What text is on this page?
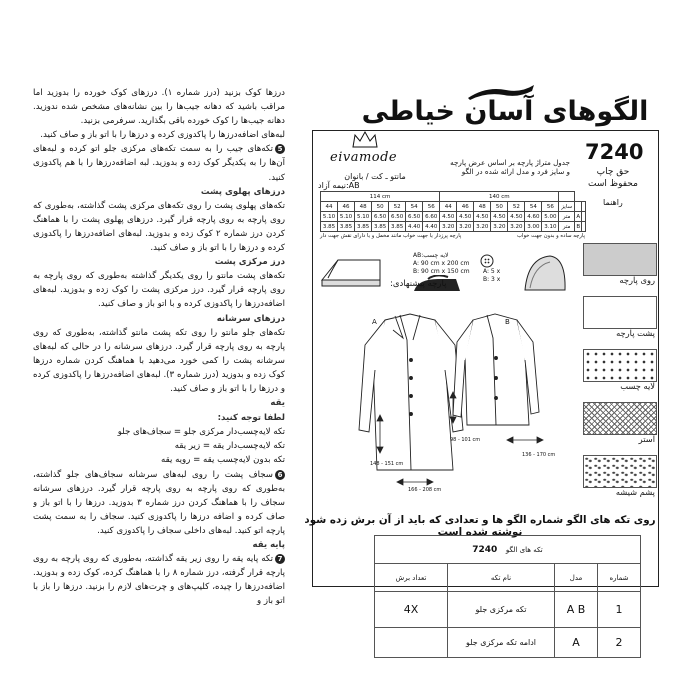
درزها کوک بزنید (درز شماره ۱). درزهای کوک خورده را بدوزید اما مراقب باشید که دهانه جیب‌ها را بین نشانه‌های مشخص شده ندوزید. دهانه جیب‌ها را کوک خورده باقی بگذارید. سرفرمی بزنید.

لبه‌های اضافه‌درزها را پاکدوزی کرده و درزها را با اتو باز و صاف کنید.

5تکه‌های جیب را به سمت تکه‌های مرکزی جلو اتو کرده و لبه‌های آن‌ها را به یکدیگر کوک زده و بدوزید. لبه اضافه‌درزها را با هم پاکدوزی کنید.

درزهای پهلوی پشت

تکه‌های پهلوی پشت را روی تکه‌های مرکزی پشت گذاشته، به‌طوری که روی پارچه به روی پارچه قرار گیرد. درزهای پهلوی پشت را با هماهنگ کردن درز شماره ۲ کوک زده و بدوزید. لبه‌های اضافه‌درزها را پاکدوزی کرده و درزها را با اتو باز و صاف کنید.

درز مرکزی پشت

تکه‌های پشت مانتو را روی یکدیگر گذاشته به‌طوری که روی پارچه به روی پارچه قرار گیرد. درز مرکزی پشت را کوک زده و بدوزید. لبه‌های اضافه‌درزها را پاکدوزی کرده و با اتو باز و صاف کنید.

درزهای سرشانه

تکه‌های جلو مانتو را روی تکه پشت مانتو گذاشته، به‌طوری که روی پارچه به روی پارچه قرار گیرد. درزهای سرشانه را در حالی که لبه‌های سرشانه پشت را کمی خورد می‌دهید با هماهنگ کردن شماره درزها کوک زده و بدوزید (درز شماره ۳). لبه‌های اضافه‌درزها را پاکدوزی کرده و درزها را با اتو باز و صاف کنید.

یقه

لطفا توجه کنید:

تکه لایه‌چسب‌دار مرکزی جلو = سجاف‌های جلو

تکه لایه‌چسب‌دار یقه = زیر یقه

تکه بدون لایه‌چسب یقه = رویه یقه

6سجاف پشت را روی لبه‌های سرشانه سجاف‌های جلو گذاشته، به‌طوری که روی پارچه به روی پارچه قرار گیرد. درزهای سرشانه سجاف را با هماهنگ کردن درز شماره ۳ بدوزید. درزها را با اتو باز و صاف کرده و اضافه درزها را پاکدوزی کنید. سجاف را به سمت پشت پارچه اتو کنید. لبه‌های داخلی سجاف را پاکدوزی کنید.

پایه یقه

7تکه پایه یقه را روی زیر یقه گذاشته، به‌طوری که روی پارچه به روی پارچه قرار گرفته، درز شماره ۸ را با هماهنگ کرده، کوک زده و بدوزید. اضافه‌درزها را چیده، کلیپ‌های و چرت‌های لازم را بزنید. درزها را باز با اتو باز و

الگوهای آسان خیاطی
7240
حق چاپ
محفوظ است
راهنما
eivamode
مانتو ـ کت / بانوان
نیمه آزاد:AB
جدول متراژ پارچه بر اساس عرض پارچه
و سایز فرد و مدل ارائه شده در الگو
114 cm							140 cm									
44	46	48	50	52	54	56	44	46	48	50	52	54	56	سایز		
5.10	5.10	5.10	6.50	6.50	6.50	6.60	4.50	4.50	4.50	4.50	4.50	4.60	5.00	متر	A	
3.85	3.85	3.85	3.85	3.85	4.40	4.40	3.20	3.20	3.20	3.20	3.20	3.00	3.10	متر	B	
پارچه ساده و بدون جهت خواب
پارچه پرزدار یا جهت خواب مانند مخمل و یا دارای نقش جهت دار
روی پارچه
پشت پارچه
لایه چسب
آستر
پشم شیشه
لایه چسب:AB
A: 90 cm x 200 cm
B: 90 cm x 150 cm A: 5 x
B: 3 x
پارچه پیشنهادی:
A	B
148 - 151 cm
98 - 101 cm
166 - 208 cm
136 - 170 cm
روی تکه های الگو شماره الگو ها و تعدادی که باید از آن برش زده شود نوشته شده است
تکه های الگو   7240			
شماره	مدل	نام تکه	تعداد برش
1	A B	تکه مرکزی جلو	4X
2	A	ادامه تکه مرکزی جلو	
